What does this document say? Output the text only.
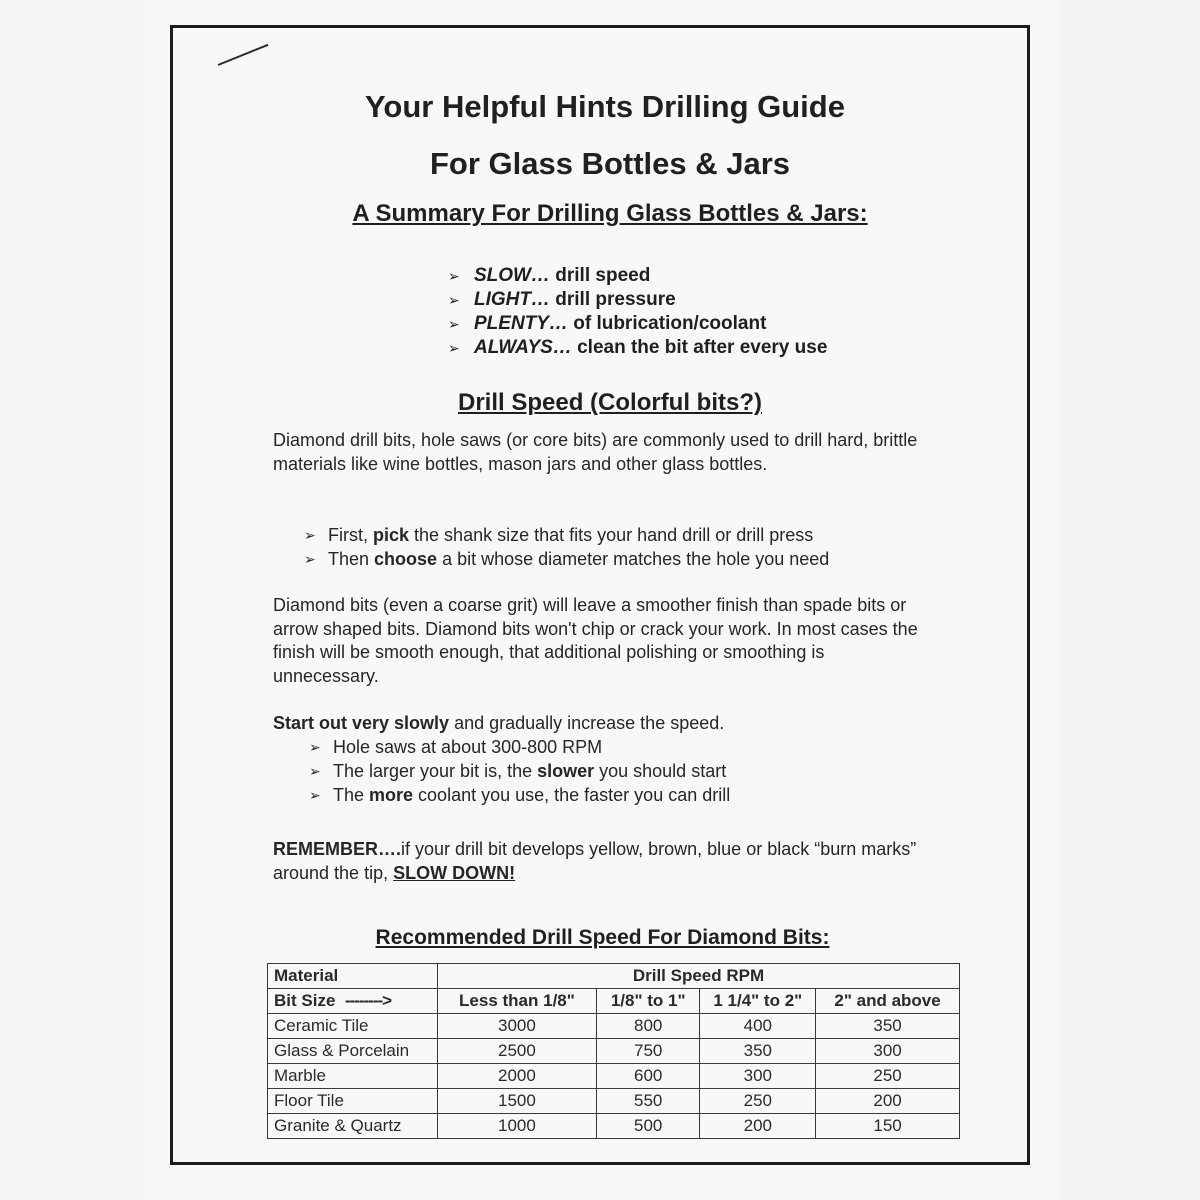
Your Helpful Hints Drilling Guide
For Glass Bottles & Jars
A Summary For Drilling Glass Bottles & Jars:
➢ SLOW… drill speed
➢ LIGHT… drill pressure
➢ PLENTY… of lubrication/coolant
➢ ALWAYS… clean the bit after every use
Drill Speed (Colorful bits?)

Diamond drill bits, hole saws (or core bits) are commonly used to drill hard, brittle materials like wine bottles, mason jars and other glass bottles.

➢ First, pick the shank size that fits your hand drill or drill press
➢ Then choose a bit whose diameter matches the hole you need

Diamond bits (even a coarse grit) will leave a smoother finish than spade bits or arrow shaped bits. Diamond bits won't chip or crack your work. In most cases the finish will be smooth enough, that additional polishing or smoothing is unnecessary.

Start out very slowly and gradually increase the speed.

➢ Hole saws at about 300-800 RPM
➢ The larger your bit is, the slower you should start
➢ The more coolant you use, the faster you can drill

REMEMBER….if your drill bit develops yellow, brown, blue or black “burn marks” around the tip, SLOW DOWN!

Recommended Drill Speed For Diamond Bits:
Material	Drill Speed RPM			
Bit Size -------->	Less than 1/8"	1/8" to 1"	1 1/4" to 2"	2" and above
Ceramic Tile	3000	800	400	350
Glass & Porcelain	2500	750	350	300
Marble	2000	600	300	250
Floor Tile	1500	550	250	200
Granite & Quartz	1000	500	200	150
